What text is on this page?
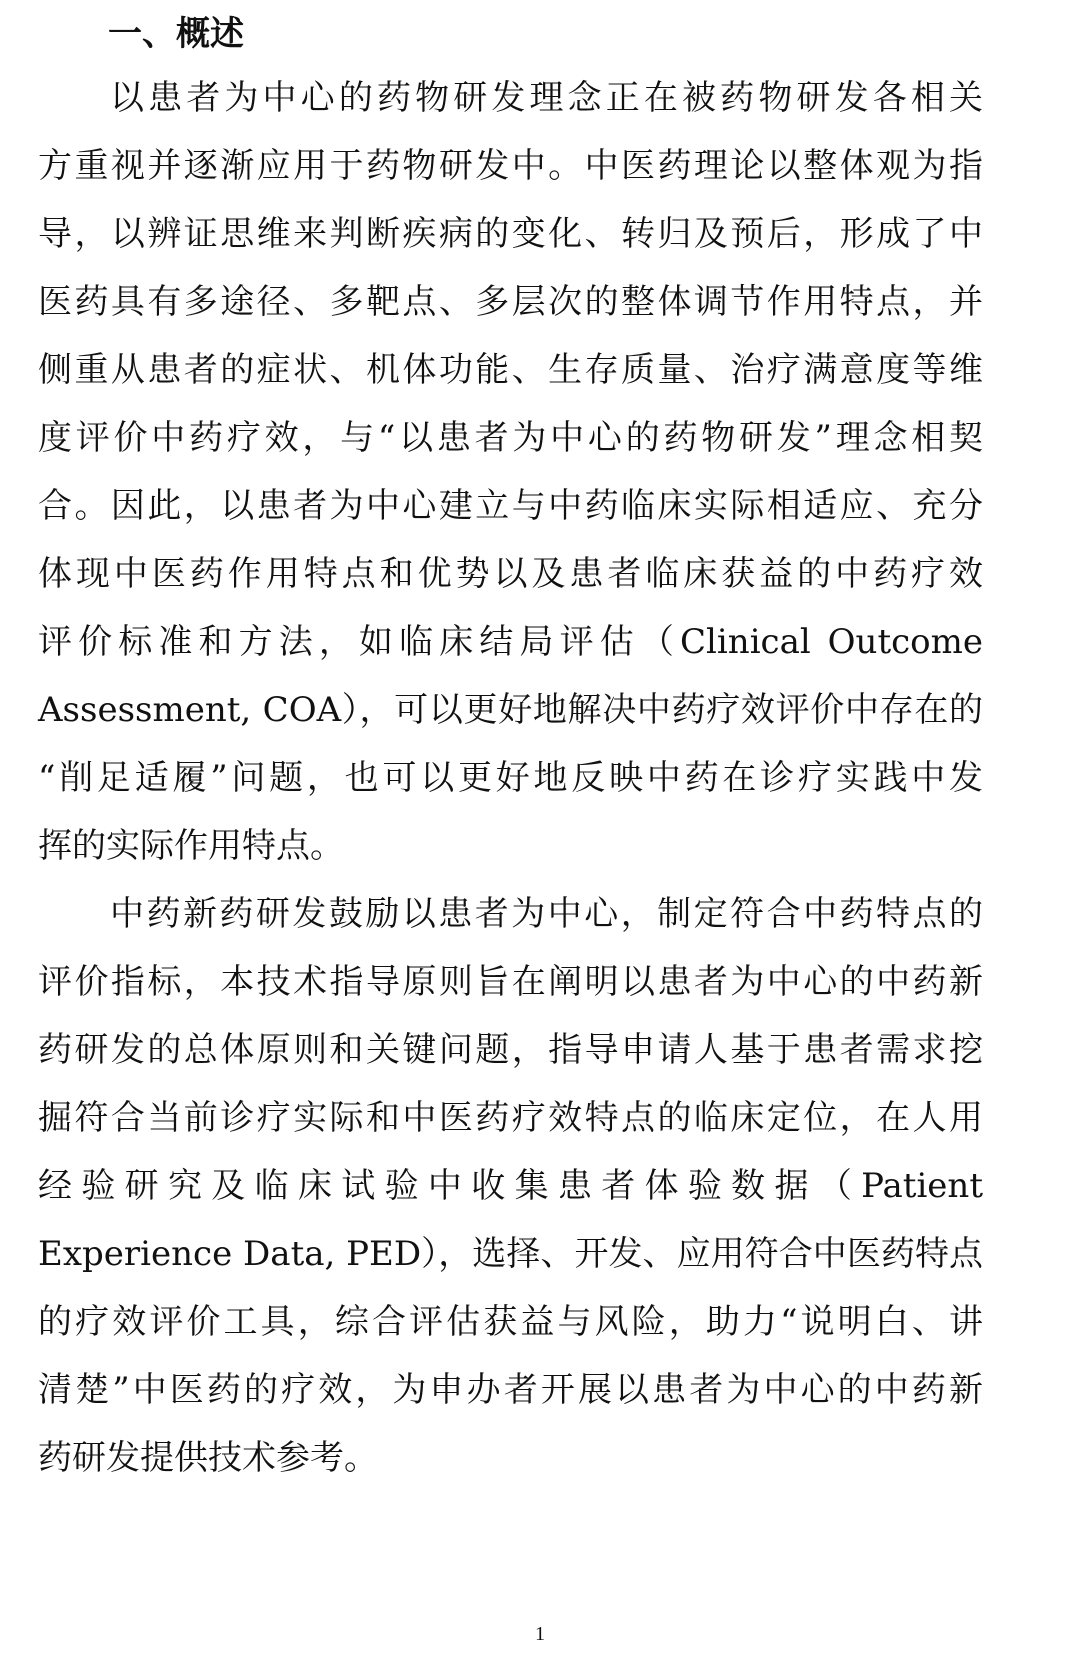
一、概述

以患者为中心的药物研发理念正在被药物研发各相关

方重视并逐渐应用于药物研发中。中医药理论以整体观为指

导，以辨证思维来判断疾病的变化、转归及预后，形成了中

医药具有多途径、多靶点、多层次的整体调节作用特点，并

侧重从患者的症状、机体功能、生存质量、治疗满意度等维

度评价中药疗效，与“以患者为中心的药物研发”理念相契

合。因此，以患者为中心建立与中药临床实际相适应、充分

体现中医药作用特点和优势以及患者临床获益的中药疗效

评价标准和方法，如临床结局评估（Clinical Outcome

Assessment, COA），可以更好地解决中药疗效评价中存在的

“削足适履”问题，也可以更好地反映中药在诊疗实践中发

挥的实际作用特点。

中药新药研发鼓励以患者为中心，制定符合中药特点的

评价指标，本技术指导原则旨在阐明以患者为中心的中药新

药研发的总体原则和关键问题，指导申请人基于患者需求挖

掘符合当前诊疗实际和中医药疗效特点的临床定位，在人用

经验研究及临床试验中收集患者体验数据（Patient

Experience Data, PED），选择、开发、应用符合中医药特点

的疗效评价工具，综合评估获益与风险，助力“说明白、讲

清楚”中医药的疗效，为申办者开展以患者为中心的中药新

药研发提供技术参考。

1
